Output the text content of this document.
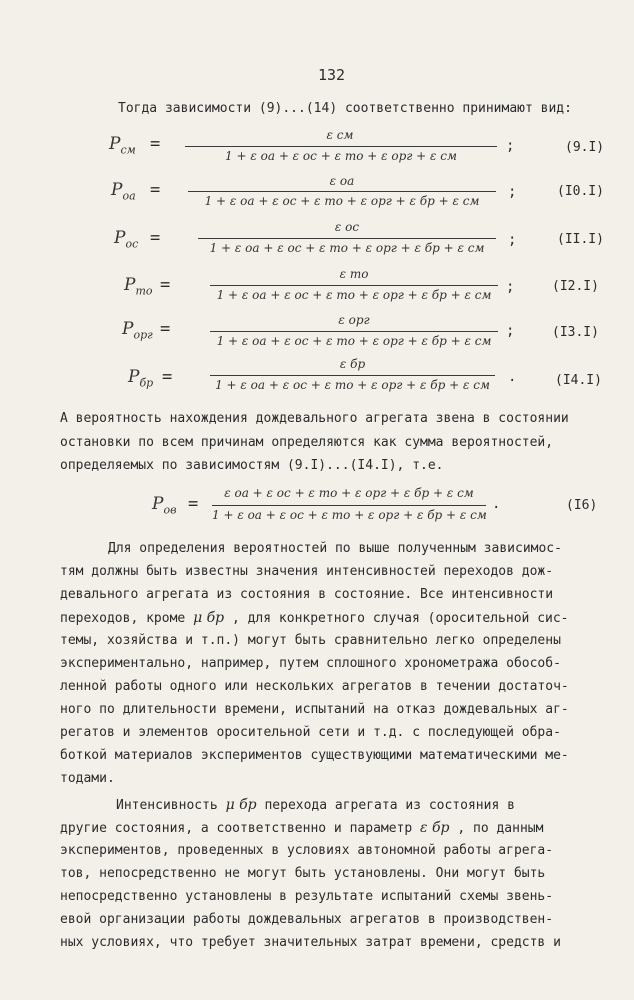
132
Тогда зависимости (9)...(14) соответственно принимают вид:
$P_{см}$ =	ε см
1 + ε оа + ε ос + ε то + ε орг + ε см
;	(9.I)
$P_{оа}$ =	ε оа
1 + ε оа + ε ос + ε то + ε орг + ε бр + ε см
;	(I0.I)
$P_{ос}$ =
ε ос
1 + ε оа + ε ос + ε то + ε орг + ε бр + ε см	;	(II.I)
$P_{то}$ =
ε то
1 + ε оа + ε ос + ε то + ε орг + ε бр + ε см	;	(I2.I)
$P_{орг}$ =	ε орг
1 + ε оа + ε ос + ε то + ε орг + ε бр + ε см
;	(I3.I)
$P_{бр}$ =
ε бр
1 + ε оа + ε ос + ε то + ε орг + ε бр + ε см	.	(I4.I)
А вероятность нахождения дождевального агрегата звена в состоянии
остановки по всем причинам определяются как сумма вероятностей,
определяемых по зависимостям (9.I)...(I4.I), т.е.
$P_{ов}$ =
ε оа + ε ос + ε то + ε орг + ε бр + ε см
1 + ε оа + ε ос + ε то + ε орг + ε бр + ε см
.	(I6)
Для определения вероятностей по выше полученным зависимос-
тям должны быть известны значения интенсивностей переходов дож-
девального агрегата из состояния в состояние. Все интенсивности
переходов, кроме μ бр , для конкретного случая (оросительной сис-
темы, хозяйства и т.п.) могут быть сравнительно легко определены
экспериментально, например, путем сплошного хронометража обособ-
ленной работы одного или нескольких агрегатов в течении достаточ-
ного по длительности времени, испытаний на отказ дождевальных аг-
регатов и элементов оросительной сети и т.д. с последующей обра-
боткой материалов экспериментов существующими математическими ме-
тодами.
Интенсивность μ бр перехода агрегата из состояния в
другие состояния, а соответственно и параметр ε бр , по данным
экспериментов, проведенных в условиях автономной работы агрега-
тов, непосредственно не могут быть установлены. Они могут быть
непосредственно установлены в результате испытаний схемы звень-
евой организации работы дождевальных агрегатов в производствен-
ных условиях, что требует значительных затрат времени, средств и
